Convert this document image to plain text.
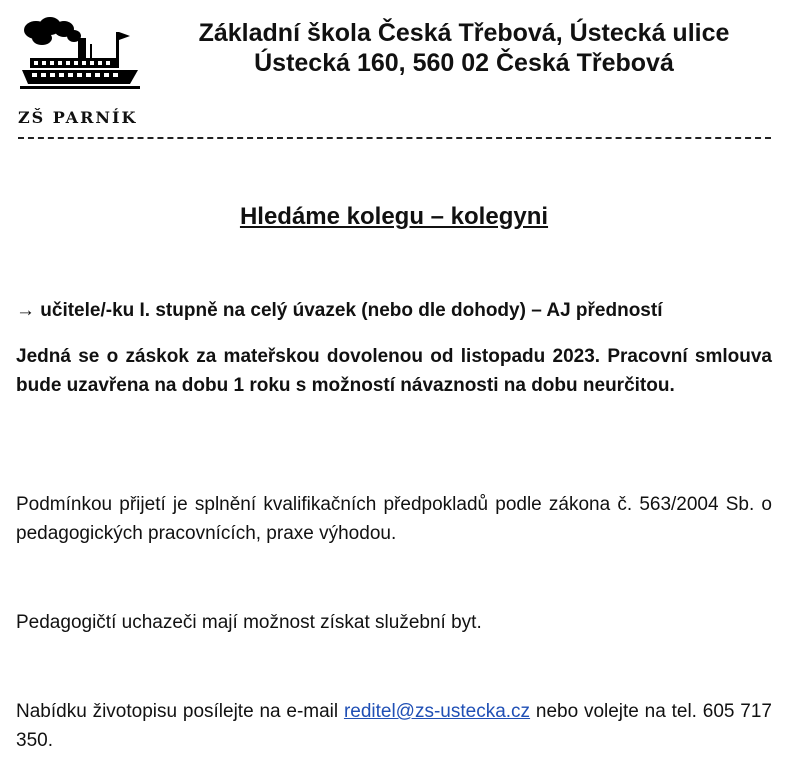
Základní škola Česká Třebová, Ústecká ulice
Ústecká 160, 560 02 Česká Třebová
ZŠ PARNÍK
Hledáme kolegu – kolegyni

→ učitele/-ku I. stupně na celý úvazek (nebo dle dohody) – AJ předností

Jedná se o záskok za mateřskou dovolenou od listopadu 2023. Pracovní smlouva bude uzavřena na dobu 1 roku s možností návaznosti na dobu neurčitou.

Podmínkou přijetí je splnění kvalifikačních předpokladů podle zákona č. 563/2004 Sb. o pedagogických pracovnících, praxe výhodou.

Pedagogičtí uchazeči mají možnost získat služební byt.

Nabídku životopisu posílejte na e-mail reditel@zs-ustecka.cz nebo volejte na tel. 605 717 350.
